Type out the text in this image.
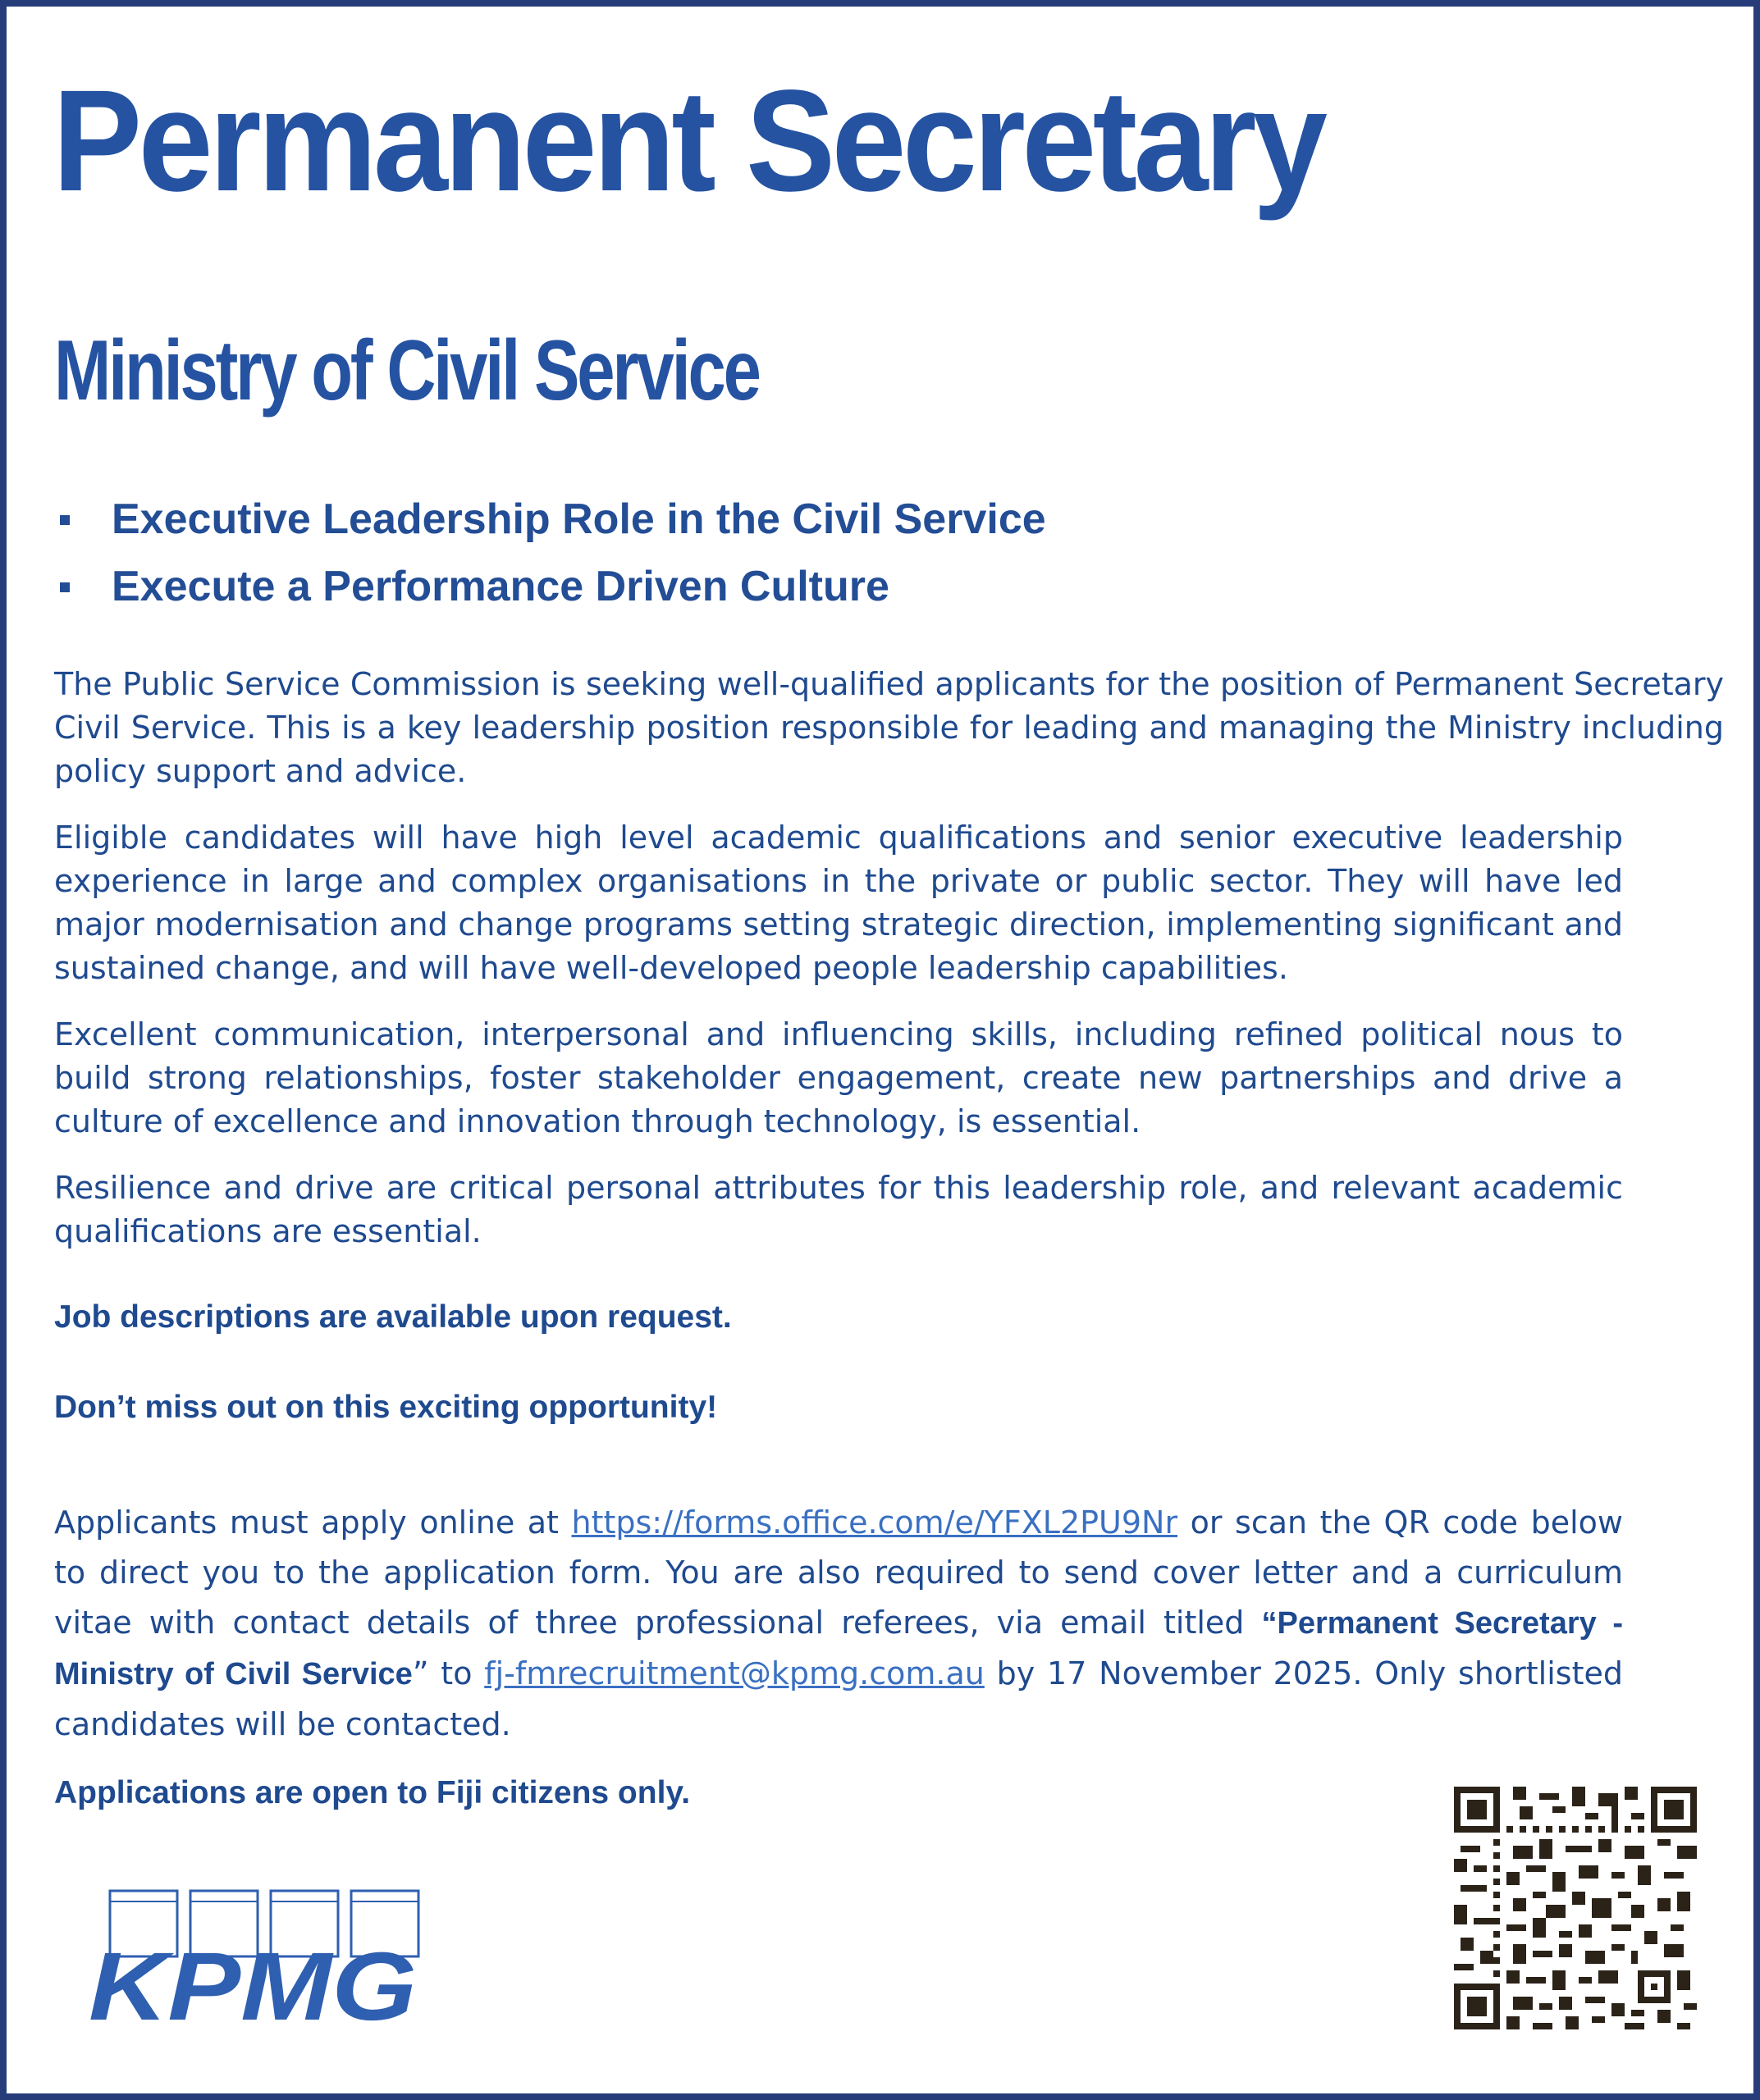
Permanent Secretary
Ministry of Civil Service
Executive Leadership Role in the Civil Service
Execute a Performance Driven Culture

The Public Service Commission is seeking well-qualified applicants for the position of Permanent Secretary Civil Service. This is a key leadership position responsible for leading and managing the Ministry including policy support and advice.

Eligible candidates will have high level academic qualifications and senior executive leadership experience in large and complex organisations in the private or public sector. They will have led major modernisation and change programs setting strategic direction, implementing significant and sustained change, and will have well-developed people leadership capabilities.

Excellent communication, interpersonal and influencing skills, including refined political nous to build strong relationships, foster stakeholder engagement, create new partnerships and drive a culture of excellence and innovation through technology, is essential.

Resilience and drive are critical personal attributes for this leadership role, and relevant academic qualifications are essential.

Job descriptions are available upon request.

Don’t miss out on this exciting opportunity!

Applicants must apply online at https://forms.office.com/e/YFXL2PU9Nr or scan the QR code below to direct you to the application form. You are also required to send cover letter and a curriculum vitae with contact details of three professional referees, via email titled “Permanent Secretary - Ministry of Civil Service” to fj-fmrecruitment@kpmg.com.au by 17 November 2025. Only shortlisted candidates will be contacted.

Applications are open to Fiji citizens only.

KPMG
